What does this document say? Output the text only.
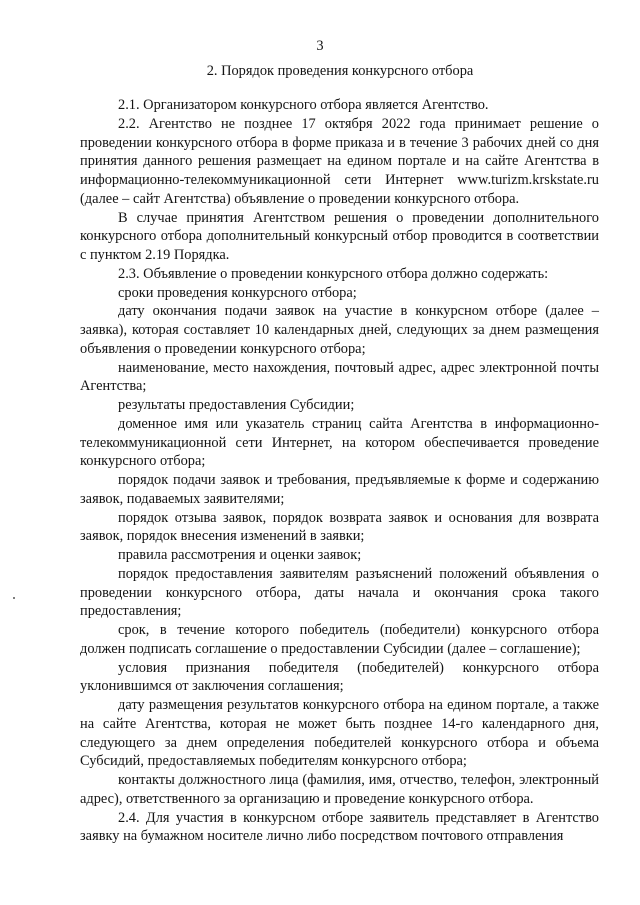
3
2. Порядок проведения конкурсного отбора

2.1. Организатором конкурсного отбора является Агентство.

2.2. Агентство не позднее 17 октября 2022 года принимает решение о проведении конкурсного отбора в форме приказа и в течение 3 рабочих дней со дня принятия данного решения размещает на едином портале и на сайте Агентства в информационно-телекоммуникационной сети Интернет www.turizm.krskstate.ru (далее – сайт Агентства) объявление о проведении конкурсного отбора.

В случае принятия Агентством решения о проведении дополнительного конкурсного отбора дополнительный конкурсный отбор проводится в соответствии с пунктом 2.19 Порядка.

2.3. Объявление о проведении конкурсного отбора должно содержать:

сроки проведения конкурсного отбора;

дату окончания подачи заявок на участие в конкурсном отборе (далее – заявка), которая составляет 10 календарных дней, следующих за днем размещения объявления о проведении конкурсного отбора;

наименование, место нахождения, почтовый адрес, адрес электронной почты Агентства;

результаты предоставления Субсидии;

доменное имя или указатель страниц сайта Агентства в информационно-телекоммуникационной сети Интернет, на котором обеспечивается проведение конкурсного отбора;

порядок подачи заявок и требования, предъявляемые к форме и содержанию заявок, подаваемых заявителями;

порядок отзыва заявок, порядок возврата заявок и основания для возврата заявок, порядок внесения изменений в заявки;

правила рассмотрения и оценки заявок;

порядок предоставления заявителям разъяснений положений объявления о проведении конкурсного отбора, даты начала и окончания срока такого предоставления;

срок, в течение которого победитель (победители) конкурсного отбора должен подписать соглашение о предоставлении Субсидии (далее – соглашение);

условия признания победителя (победителей) конкурсного отбора уклонившимся от заключения соглашения;

дату размещения результатов конкурсного отбора на едином портале, а также на сайте Агентства, которая не может быть позднее 14-го календарного дня, следующего за днем определения победителей конкурсного отбора и объема Субсидий, предоставляемых победителям конкурсного отбора;

контакты должностного лица (фамилия, имя, отчество, телефон, электронный адрес), ответственного за организацию и проведение конкурсного отбора.

2.4. Для участия в конкурсном отборе заявитель представляет в Агентство заявку на бумажном носителе лично либо посредством почтового отправления
